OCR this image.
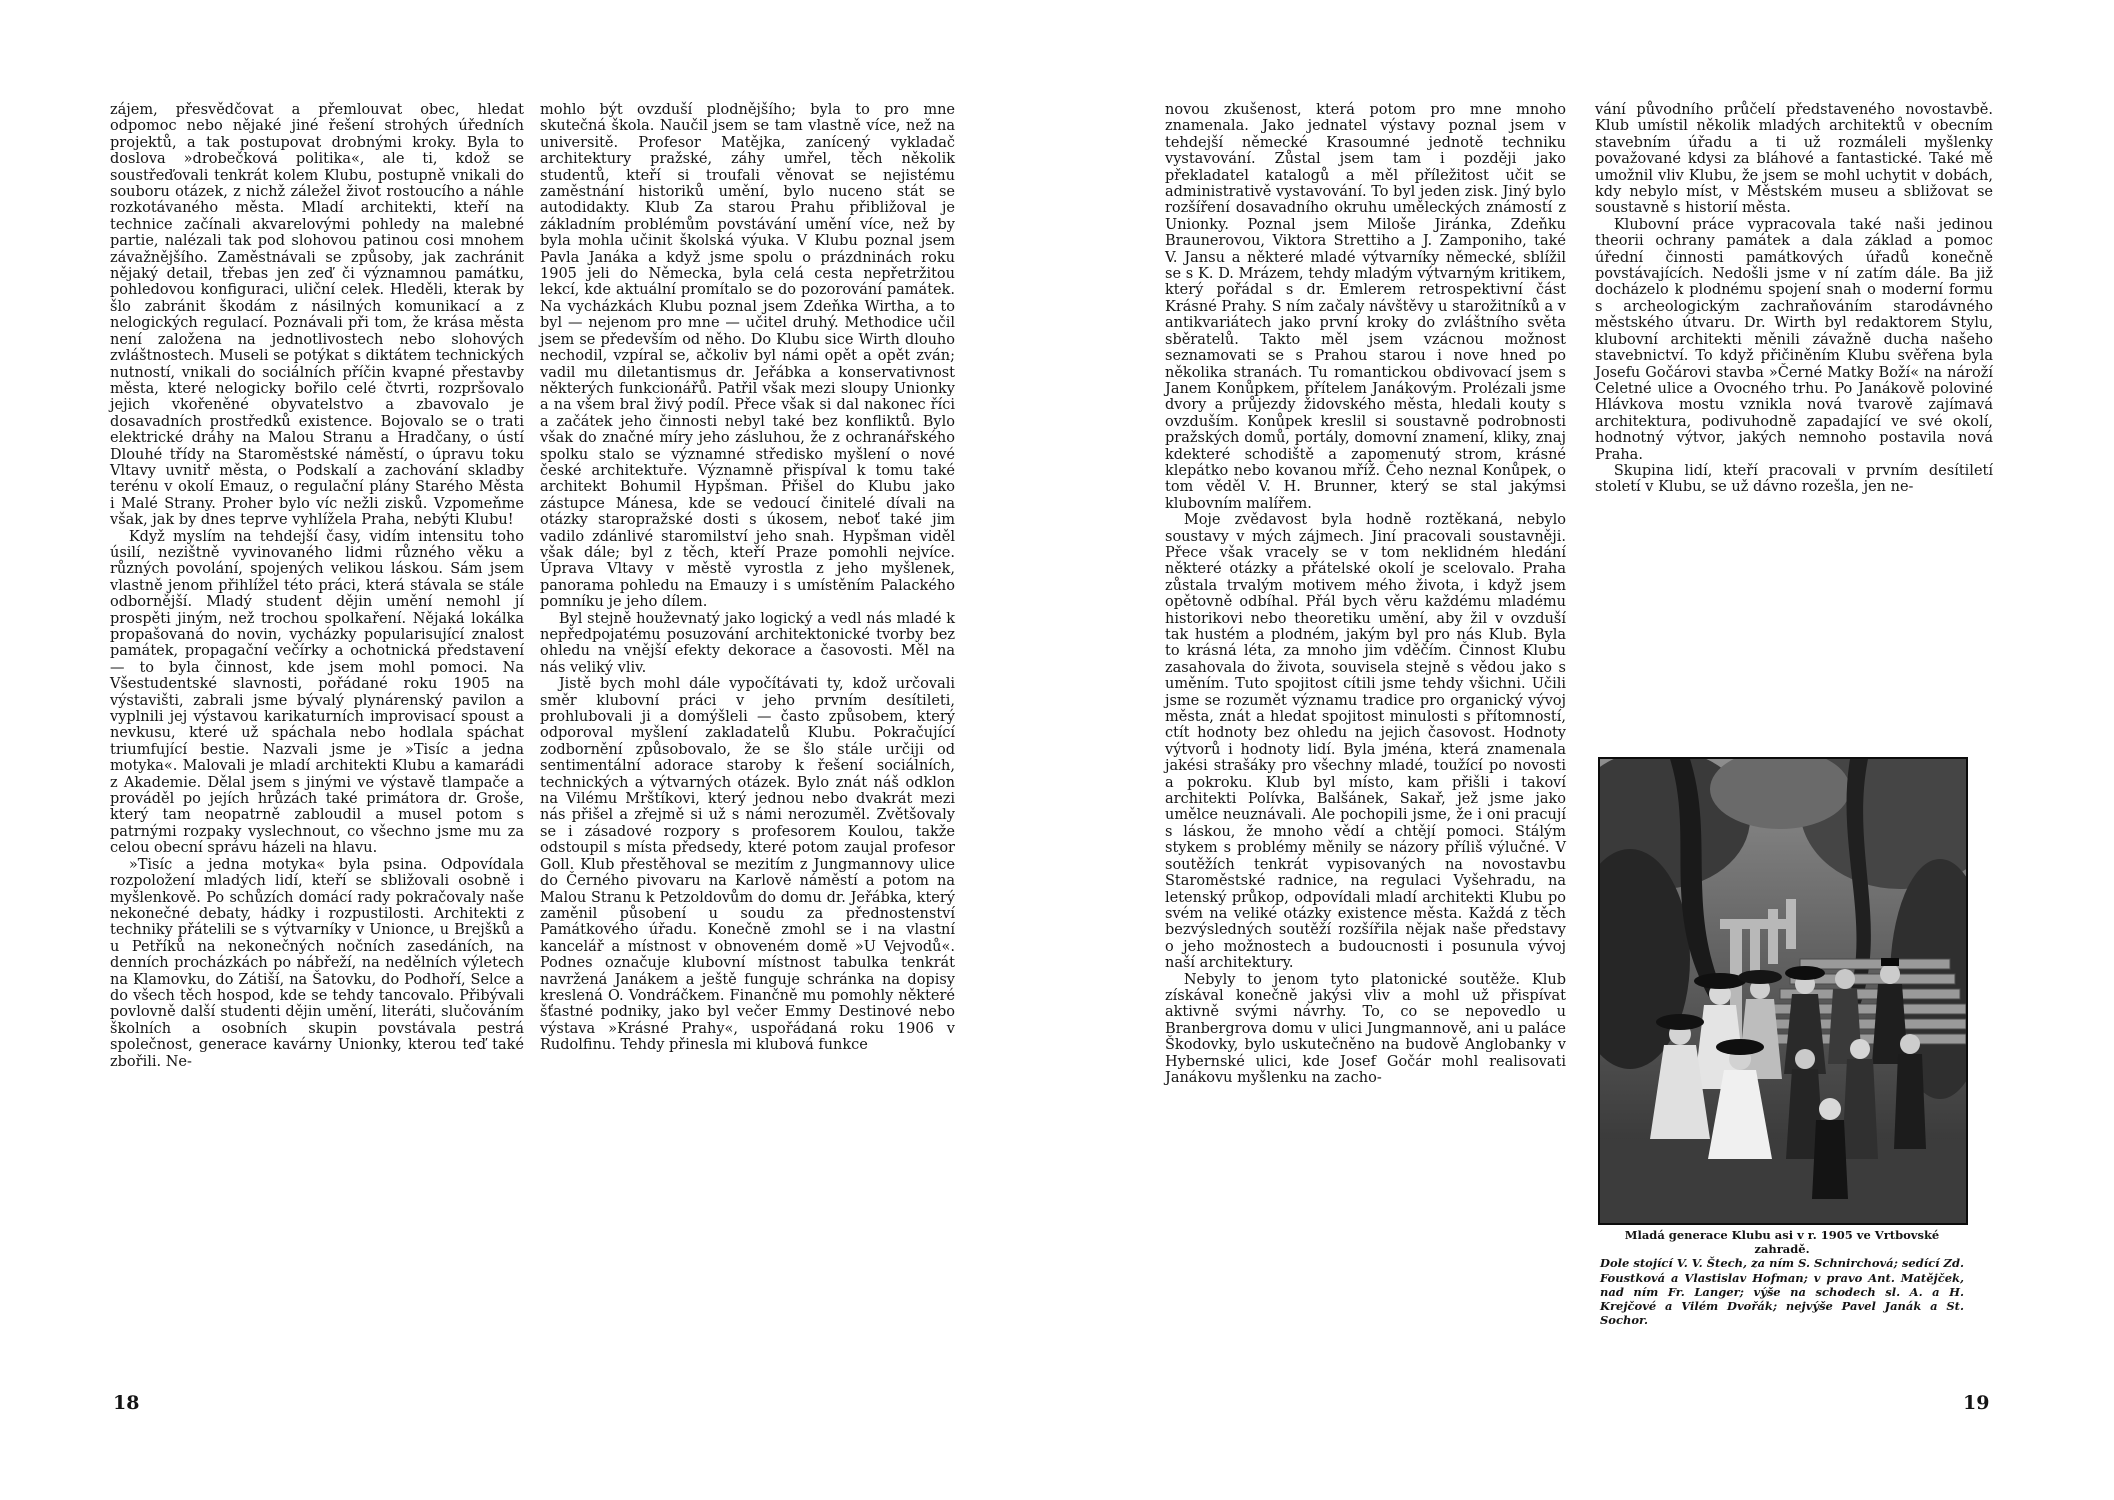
zájem, přesvědčovat a přemlouvat obec, hledat odpomoc nebo nějaké jiné řešení strohých úředních projektů, a tak postupovat drobnými kroky. Byla to doslova »drobečková politika«, ale ti, kdož se soustřeďovali tenkrát kolem Klubu, postupně vnikali do souboru otázek, z nichž záležel život rostoucího a náhle rozkotávaného města. Mladí architekti, kteří na technice začínali akvarelovými pohledy na malebné partie, nalézali tak pod slohovou patinou cosi mnohem závažnějšího. Zaměstnávali se způsoby, jak zachránit nějaký detail, třebas jen zeď či významnou památku, pohledovou konfiguraci, uliční celek. Hleděli, kterak by šlo zabránit škodám z násilných komunikací a z nelogických regulací. Poznávali při tom, že krása města není založena na jednotlivostech nebo slohových zvláštnostech. Museli se potýkat s diktátem technických nutností, vnikali do sociálních příčin kvapné přestavby města, které nelogicky bořilo celé čtvrti, rozpršovalo jejich vkořeněné obyvatelstvo a zbavovalo je dosavadních prostředků existence. Bojovalo se o trati elektrické dráhy na Malou Stranu a Hradčany, o ústí Dlouhé třídy na Staroměstské náměstí, o úpravu toku Vltavy uvnitř města, o Podskalí a zachování skladby terénu v okolí Emauz, o regulační plány Starého Města i Malé Strany. Proher bylo víc nežli zisků. Vzpomeňme však, jak by dnes teprve vyhlížela Praha, nebýti Klubu!

Když myslím na tehdejší časy, vidím intensitu toho úsilí, nezištně vyvinovaného lidmi různého věku a různých povolání, spojených velikou láskou. Sám jsem vlastně jenom přihlížel této práci, která stávala se stále odbornější. Mladý student dějin umění nemohl jí prospěti jiným, než trochou spolkaření. Nějaká lokálka propašovaná do novin, vycházky popularisující znalost památek, propagační večírky a ochotnická představení — to byla činnost, kde jsem mohl pomoci. Na Všestudentské slavnosti, pořádané roku 1905 na výstavišti, zabrali jsme bývalý plynárenský pavilon a vyplnili jej výstavou karikaturních improvisací spoust a nevkusu, které už spáchala nebo hodlala spáchat triumfující bestie. Nazvali jsme je »Tisíc a jedna motyka«. Malovali je mladí architekti Klubu a kamarádi z Akademie. Dělal jsem s jinými ve výstavě tlampače a prováděl po jejích hrůzách také primátora dr. Groše, který tam neopatrně zabloudil a musel potom s patrnými rozpaky vyslechnout, co všechno jsme mu za celou obecní správu házeli na hlavu.

»Tisíc a jedna motyka« byla psina. Odpovídala rozpoložení mladých lidí, kteří se sbližovali osobně i myšlenkově. Po schůzích domácí rady pokračovaly naše nekonečné debaty, hádky i rozpustilosti. Architekti z techniky přátelili se s výtvarníky v Unionce, u Brejšků a u Petříků na nekonečných nočních zasedáních, na denních procházkách po nábřeží, na nedělních výletech na Klamovku, do Zátiší, na Šatovku, do Podhoří, Selce a do všech těch hospod, kde se tehdy tancovalo. Přibývali povlovně další studenti dějin umění, literáti, slučováním školních a osobních skupin povstávala pestrá společnost, generace kavárny Unionky, kterou teď také zbořili. Ne-

mohlo být ovzduší plodnějšího; byla to pro mne skutečná škola. Naučil jsem se tam vlastně více, než na universitě. Profesor Matějka, zanícený vykladač architektury pražské, záhy umřel, těch několik studentů, kteří si troufali věnovat se nejistému zaměstnání historiků umění, bylo nuceno stát se autodidakty. Klub Za starou Prahu přibližoval je základním problémům povstávání umění více, než by byla mohla učinit školská výuka. V Klubu poznal jsem Pavla Janáka a když jsme spolu o prázdninách roku 1905 jeli do Německa, byla celá cesta nepřetržitou lekcí, kde aktuální promítalo se do pozorování památek. Na vycházkách Klubu poznal jsem Zdeňka Wirtha, a to byl — nejenom pro mne — učitel druhý. Methodice učil jsem se především od něho. Do Klubu sice Wirth dlouho nechodil, vzpíral se, ačkoliv byl námi opět a opět zván; vadil mu diletantismus dr. Jeřábka a konservativnost některých funkcionářů. Patřil však mezi sloupy Unionky a na všem bral živý podíl. Přece však si dal nakonec říci a začátek jeho činnosti nebyl také bez konfliktů. Bylo však do značné míry jeho zásluhou, že z ochranářského spolku stalo se významné středisko myšlení o nové české architektuře. Významně přispíval k tomu také architekt Bohumil Hypšman. Přišel do Klubu jako zástupce Mánesa, kde se vedoucí činitelé dívali na otázky staropražské dosti s úkosem, neboť také jim vadilo zdánlivé staromilství jeho snah. Hypšman viděl však dále; byl z těch, kteří Praze pomohli nejvíce. Úprava Vltavy v městě vyrostla z jeho myšlenek, panorama pohledu na Emauzy i s umístěním Palackého pomníku je jeho dílem.

Byl stejně houževnatý jako logický a vedl nás mladé k nepředpojatému posuzování architektonické tvorby bez ohledu na vnější efekty dekorace a časovosti. Měl na nás veliký vliv.

Jistě bych mohl dále vypočítávati ty, kdož určovali směr klubovní práci v jeho prvním desítileti, prohlubovali ji a domýšleli — často způsobem, který odporoval myšlení zakladatelů Klubu. Pokračující zodbornění způsobovalo, že se šlo stále určiji od sentimentální adorace staroby k řešení sociálních, technických a výtvarných otázek. Bylo znát náš odklon na Vilému Mrštíkovi, který jednou nebo dvakrát mezi nás přišel a zřejmě si už s námi nerozuměl. Zvětšovaly se i zásadové rozpory s profesorem Koulou, takže odstoupil s místa předsedy, které potom zaujal profesor Goll. Klub přestěhoval se mezitím z Jungmannovy ulice do Černého pivovaru na Karlově náměstí a potom na Malou Stranu k Petzoldovům do domu dr. Jeřábka, který zaměnil působení u soudu za přednostenství Památkového úřadu. Konečně zmohl se i na vlastní kancelář a místnost v obnoveném domě »U Vejvodů«. Podnes označuje klubovní místnost tabulka tenkrát navržená Janákem a ještě funguje schránka na dopisy kreslená O. Vondráčkem. Finančně mu pomohly některé šťastné podniky, jako byl večer Emmy Destinové nebo výstava »Krásné Prahy«, uspořádaná roku 1906 v Rudolfinu. Tehdy přinesla mi klubová funkce

18

novou zkušenost, která potom pro mne mnoho znamenala. Jako jednatel výstavy poznal jsem v tehdejší německé Krasoumné jednotě techniku vystavování. Zůstal jsem tam i později jako překladatel katalogů a měl příležitost učit se administrativě vystavování. To byl jeden zisk. Jiný bylo rozšíření dosavadního okruhu uměleckých známostí z Unionky. Poznal jsem Miloše Jiránka, Zdeňku Braunerovou, Viktora Strettiho a J. Zamponiho, také V. Jansu a některé mladé výtvarníky německé, sblížil se s K. D. Mrázem, tehdy mladým výtvarným kritikem, který pořádal s dr. Emlerem retrospektivní část Krásné Prahy. S ním začaly návštěvy u starožitníků a v antikvariátech jako první kroky do zvláštního světa sběratelů. Takto měl jsem vzácnou možnost seznamovati se s Prahou starou i nove hned po několika stranách. Tu romantickou obdivovací jsem s Janem Konůpkem, přítelem Janákovým. Prolézali jsme dvory a průjezdy židovského města, hledali kouty s ovzduším. Konůpek kreslil si soustavně podrobnosti pražských domů, portály, domovní znamení, kliky, znaj kdekteré schodiště a zapomenutý strom, krásné klepátko nebo kovanou mříž. Čeho neznal Konůpek, o tom věděl V. H. Brunner, který se stal jakýmsi klubovním malířem.

Moje zvědavost byla hodně roztěkaná, nebylo soustavy v mých zájmech. Jiní pracovali soustavněji. Přece však vracely se v tom neklidném hledání některé otázky a přátelské okolí je scelovalo. Praha zůstala trvalým motivem mého života, i když jsem opětovně odbíhal. Přál bych věru každému mladému historikovi nebo theoretiku umění, aby žil v ovzduší tak hustém a plodném, jakým byl pro nás Klub. Byla to krásná léta, za mnoho jim vděčím. Činnost Klubu zasahovala do života, souvisela stejně s vědou jako s uměním. Tuto spojitost cítili jsme tehdy všichni. Učili jsme se rozumět významu tradice pro organický vývoj města, znát a hledat spojitost minulosti s přítomností, ctít hodnoty bez ohledu na jejich časovost. Hodnoty výtvorů i hodnoty lidí. Byla jména, která znamenala jakési strašáky pro všechny mladé, toužící po novosti a pokroku. Klub byl místo, kam přišli i takoví architekti Polívka, Balšánek, Sakař, jež jsme jako umělce neuznávali. Ale pochopili jsme, že i oni pracují s láskou, že mnoho vědí a chtějí pomoci. Stálým stykem s problémy měnily se názory příliš výlučné. V soutěžích tenkrát vypisovaných na novostavbu Staroměstské radnice, na regulaci Vyšehradu, na letenský průkop, odpovídali mladí architekti Klubu po svém na veliké otázky existence města. Každá z těch bezvýsledných soutěží rozšířila nějak naše představy o jeho možnostech a budoucnosti i posunula vývoj naší architektury.

Nebyly to jenom tyto platonické soutěže. Klub získával konečně jakýsi vliv a mohl už přispívat aktivně svými návrhy. To, co se nepovedlo u Branbergrova domu v ulici Jungmannově, ani u paláce Škodovky, bylo uskutečněno na budově Anglobanky v Hybernské ulici, kde Josef Gočár mohl realisovati Janákovu myšlenku na zacho-

vání původního průčelí představeného novostavbě. Klub umístil několik mladých architektů v obecním stavebním úřadu a ti už rozmáleli myšlenky považované kdysi za bláhové a fantastické. Také mě umožnil vliv Klubu, že jsem se mohl uchytit v dobách, kdy nebylo míst, v Městském museu a sbližovat se soustavně s historií města.

Klubovní práce vypracovala také naši jedinou theorii ochrany památek a dala základ a pomoc úřední činnosti památkových úřadů konečně povstávajících. Nedošli jsme v ní zatím dále. Ba již docházelo k plodnému spojení snah o moderní formu s archeologickým zachraňováním starodávného městského útvaru. Dr. Wirth byl redaktorem Stylu, klubovní architekti měnili závažně ducha našeho stavebnictví. To když přičiněním Klubu svěřena byla Josefu Gočárovi stavba »Černé Matky Boží« na nároží Celetné ulice a Ovocného trhu. Po Janákově poloviné Hlávkova mostu vznikla nová tvarově zajímavá architektura, podivuhodně zapadající ve své okolí, hodnotný výtvor, jakých nemnoho postavila nová Praha.

Skupina lidí, kteří pracovali v prvním desítiletí století v Klubu, se už dávno rozešla, jen ne-

Mladá generace Klubu asi v r. 1905 ve Vrtbovské zahradě.
Dole stojící V. V. Štech, za ním S. Schnirchová; sedící Zd. Foustková a Vlastislav Hofman; v pravo Ant. Matějček, nad ním Fr. Langer; výše na schodech sl. A. a H. Krejčové a Vilém Dvořák; nejvýše Pavel Janák a St. Sochor.
19
